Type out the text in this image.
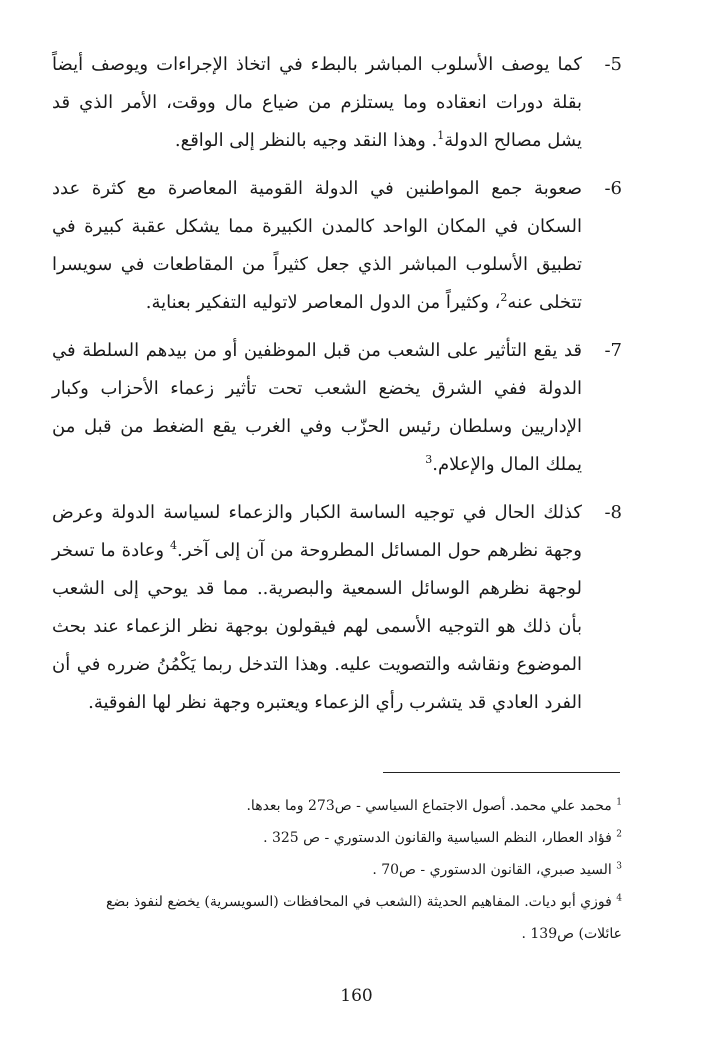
-5
كما يوصف الأسلوب المباشر بالبطء في اتخاذ الإجراءات ويوصف أيضاً بقلة دورات انعقاده وما يستلزم من ضياع مال ووقت، الأمر الذي قد يشل مصالح الدولة$^1$. وهذا النقد وجيه بالنظر إلى الواقع.
-6
صعوبة جمع المواطنين في الدولة القومية المعاصرة مع كثرة عدد السكان في المكان الواحد كالمدن الكبيرة مما يشكل عقبة كبيرة في تطبيق الأسلوب المباشر الذي جعل كثيراً من المقاطعات في سويسرا تتخلى عنه$^2$، وكثيراً من الدول المعاصر لاتوليه التفكير بعناية.
-7
قد يقع التأثير على الشعب من قبل الموظفين أو من بيدهم السلطة في الدولة ففي الشرق يخضع الشعب تحت تأثير زعماء الأحزاب وكبار الإداريين وسلطان رئيس الحزّب وفي الغرب يقع الضغط من قبل من يملك المال والإعلام.$^3$
-8
كذلك الحال في توجيه الساسة الكبار والزعماء لسياسة الدولة وعرض وجهة نظرهم حول المسائل المطروحة من آن إلى آخر.$^4$ وعادة ما تسخر لوجهة نظرهم الوسائل السمعية والبصرية.. مما قد يوحي إلى الشعب بأن ذلك هو التوجيه الأسمى لهم فيقولون بوجهة نظر الزعماء عند بحث الموضوع ونقاشه والتصويت عليه. وهذا التدخل ربما يَكْمُنُ ضرره في أن الفرد العادي قد يتشرب رأي الزعماء ويعتبره وجهة نظر لها الفوقية.

$^1$ محمد علي محمد. أصول الاجتماع السياسي - ص273 وما بعدها.

$^2$ فؤاد العطار، النظم السياسية والقانون الدستوري - ص 325 .

$^3$ السيد صبري، القانون الدستوري - ص70 .

$^4$ فوزي أبو ديات. المفاهيم الحديثة (الشعب في المحافظات (السويسرية) يخضع لنفوذ بضع عائلات) ص139 .

160
